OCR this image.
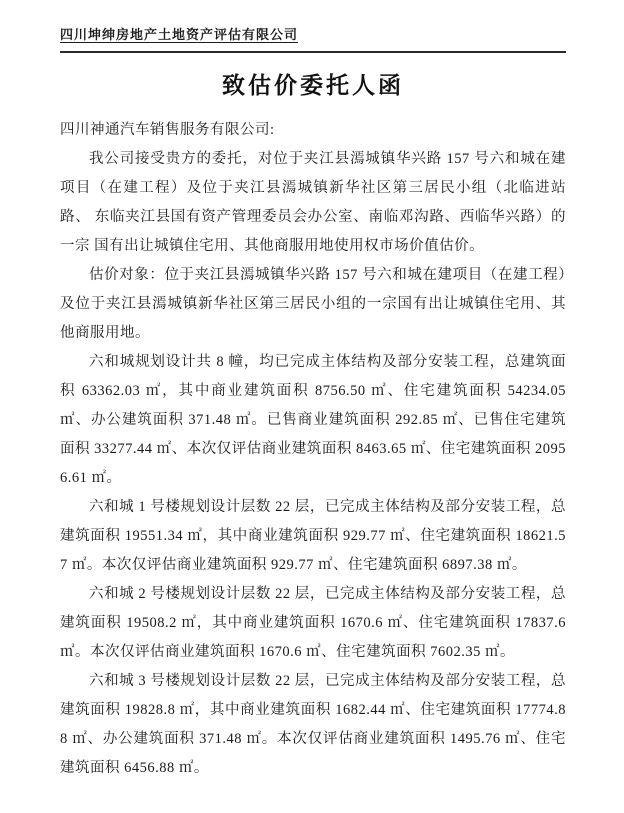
四川坤绅房地产土地资产评估有限公司
致估价委托人函

四川神通汽车销售服务有限公司:

我公司接受贵方的委托，对位于夹江县漹城镇华兴路 157 号六和城在建项目（在建工程）及位于夹江县漹城镇新华社区第三居民小组（北临进站路、 东临夹江县国有资产管理委员会办公室、南临邓沟路、西临华兴路）的一宗 国有出让城镇住宅用、其他商服用地使用权市场价值估价。

估价对象：位于夹江县漹城镇华兴路 157 号六和城在建项目（在建工程）及位于夹江县漹城镇新华社区第三居民小组的一宗国有出让城镇住宅用、其他商服用地。

六和城规划设计共 8 幢，均已完成主体结构及部分安装工程，总建筑面积 63362.03 ㎡，其中商业建筑面积 8756.50 ㎡、住宅建筑面积 54234.05 ㎡、办公建筑面积 371.48 ㎡。已售商业建筑面积 292.85 ㎡、已售住宅建筑面积 33277.44 ㎡、本次仅评估商业建筑面积 8463.65 ㎡、住宅建筑面积 20956.61 ㎡。

六和城 1 号楼规划设计层数 22 层，已完成主体结构及部分安装工程，总建筑面积 19551.34 ㎡，其中商业建筑面积 929.77 ㎡、住宅建筑面积 18621.57 ㎡。本次仅评估商业建筑面积 929.77 ㎡、住宅建筑面积 6897.38 ㎡。

六和城 2 号楼规划设计层数 22 层，已完成主体结构及部分安装工程，总建筑面积 19508.2 ㎡，其中商业建筑面积 1670.6 ㎡、住宅建筑面积 17837.6 ㎡。本次仅评估商业建筑面积 1670.6 ㎡、住宅建筑面积 7602.35 ㎡。

六和城 3 号楼规划设计层数 22 层，已完成主体结构及部分安装工程，总建筑面积 19828.8 ㎡，其中商业建筑面积 1682.44 ㎡、住宅建筑面积 17774.88 ㎡、办公建筑面积 371.48 ㎡。本次仅评估商业建筑面积 1495.76 ㎡、住宅建筑面积 6456.88 ㎡。
